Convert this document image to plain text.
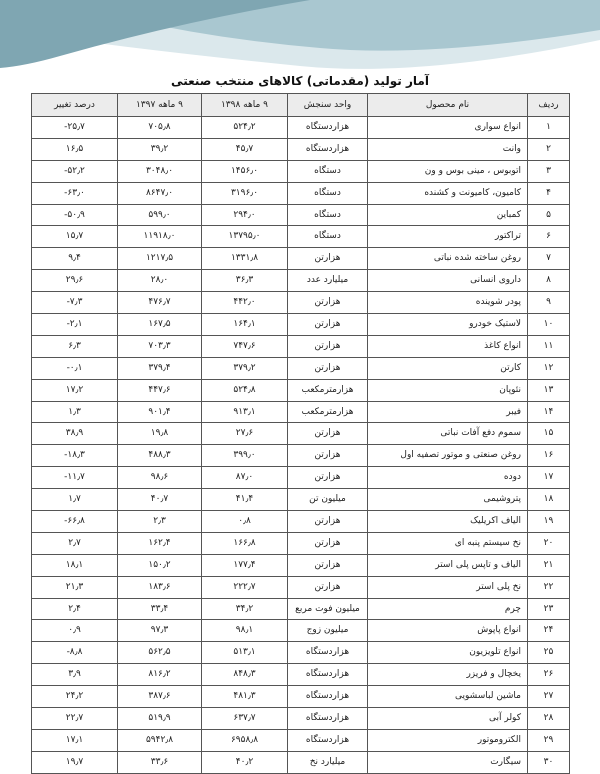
آمار تولید (مقدماتی) کالاهای منتخب صنعتی
ردیف	نام محصول	واحد سنجش	۹ ماهه ۱۳۹۸	۹ ماهه ۱۳۹۷	درصد تغییر
۱	انواع سواری	هزاردستگاه	۵۲۴٫۲	۷۰۵٫۸	-۲۵٫۷
۲	وانت	هزاردستگاه	۴۵٫۷	۳۹٫۲	۱۶٫۵
۳	اتوبوس ، مینی بوس و ون	دستگاه	۱۴۵۶٫۰	۳۰۴۸٫۰	-۵۲٫۲
۴	کامیون، کامیونت و کشنده	دستگاه	۳۱۹۶٫۰	۸۶۴۷٫۰	-۶۳٫۰
۵	کمباین	دستگاه	۲۹۴٫۰	۵۹۹٫۰	-۵۰٫۹
۶	تراکتور	دستگاه	۱۳۷۹۵٫۰	۱۱۹۱۸٫۰	۱۵٫۷
۷	روغن ساخته شده نباتی	هزارتن	۱۳۳۱٫۸	۱۲۱۷٫۵	۹٫۴
۸	داروی انسانی	میلیارد عدد	۳۶٫۳	۲۸٫۰	۲۹٫۶
۹	پودر شوینده	هزارتن	۴۴۲٫۰	۴۷۶٫۷	-۷٫۳
۱۰	لاستیک خودرو	هزارتن	۱۶۴٫۱	۱۶۷٫۵	-۲٫۱
۱۱	انواع کاغذ	هزارتن	۷۴۷٫۶	۷۰۳٫۳	۶٫۳
۱۲	کارتن	هزارتن	۳۷۹٫۲	۳۷۹٫۴	-۰٫۱
۱۳	نئوپان	هزارمترمکعب	۵۲۴٫۸	۴۴۷٫۶	۱۷٫۲
۱۴	فیبر	هزارمترمکعب	۹۱۳٫۱	۹۰۱٫۴	۱٫۳
۱۵	سموم دفع آفات نباتی	هزارتن	۲۷٫۶	۱۹٫۸	۳۸٫۹
۱۶	روغن صنعتی و موتور تصفیه اول	هزارتن	۳۹۹٫۰	۴۸۸٫۳	-۱۸٫۳
۱۷	دوده	هزارتن	۸۷٫۰	۹۸٫۶	-۱۱٫۷
۱۸	پتروشیمی	میلیون تن	۴۱٫۴	۴۰٫۷	۱٫۷
۱۹	الیاف اکریلیک	هزارتن	۰٫۸	۲٫۳	-۶۶٫۸
۲۰	نخ سیستم پنبه ای	هزارتن	۱۶۶٫۸	۱۶۲٫۴	۲٫۷
۲۱	الیاف و تاپس پلی استر	هزارتن	۱۷۷٫۴	۱۵۰٫۲	۱۸٫۱
۲۲	نخ پلی استر	هزارتن	۲۲۲٫۷	۱۸۳٫۶	۲۱٫۳
۲۳	چرم	میلیون فوت مربع	۳۴٫۲	۳۳٫۴	۲٫۴
۲۴	انواع پاپوش	میلیون زوج	۹۸٫۱	۹۷٫۳	۰٫۹
۲۵	انواع تلویزیون	هزاردستگاه	۵۱۳٫۱	۵۶۲٫۵	-۸٫۸
۲۶	یخچال و فریزر	هزاردستگاه	۸۴۸٫۳	۸۱۶٫۲	۳٫۹
۲۷	ماشین لباسشویی	هزاردستگاه	۴۸۱٫۳	۳۸۷٫۶	۲۴٫۲
۲۸	کولر آبی	هزاردستگاه	۶۳۷٫۷	۵۱۹٫۹	۲۲٫۷
۲۹	الکتروموتور	هزاردستگاه	۶۹۵۸٫۸	۵۹۴۲٫۸	۱۷٫۱
۳۰	سیگارت	میلیارد نخ	۴۰٫۲	۳۳٫۶	۱۹٫۷
